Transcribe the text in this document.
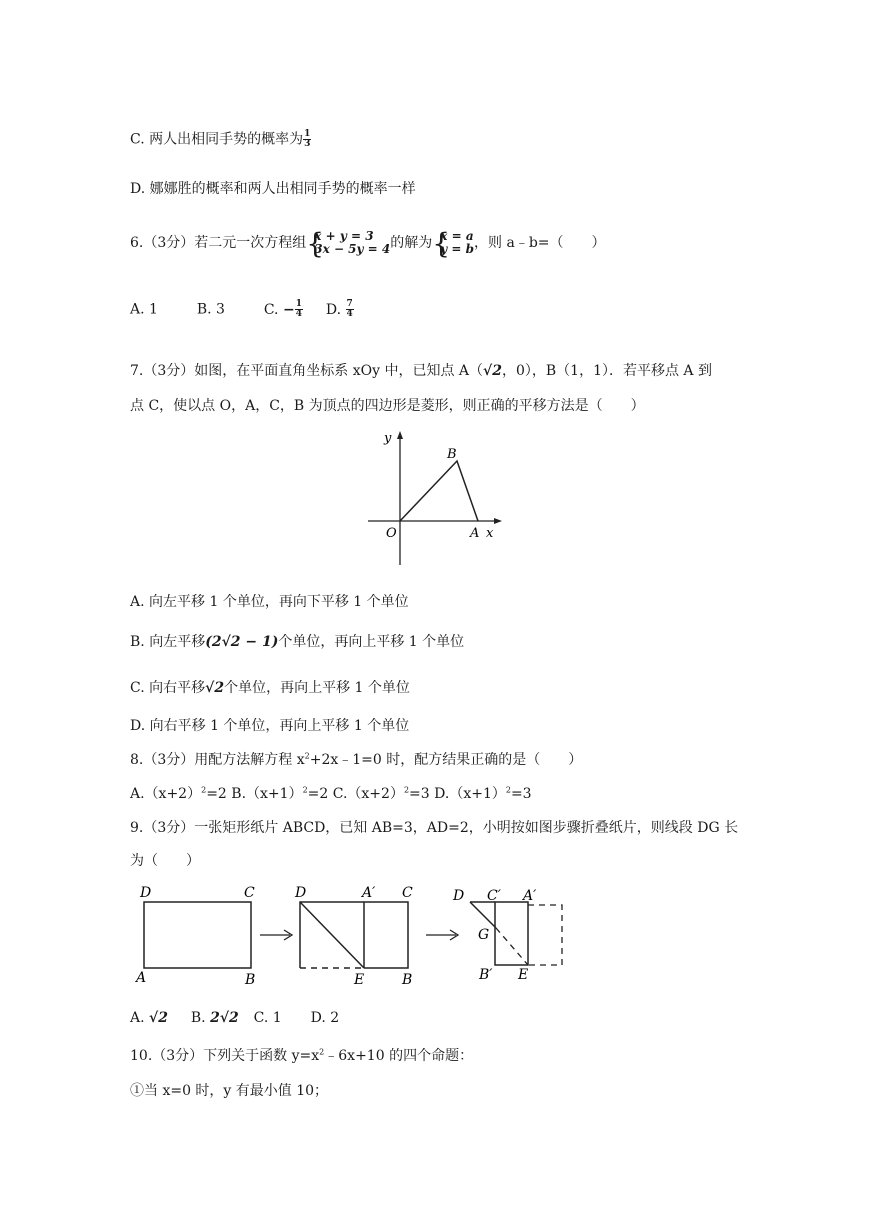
C. 两人出相同手势的概率为 $\frac{1}{3}$
D. 娜娜胜的概率和两人出相同手势的概率一样
6.（3分）若二元一次方程组 {
x + y = 3
3x − 5y = 4 的解为 {
x = a
y = b ，则 a﹣b=（　　）
A. 1	B. 3	C. − $\frac{1}{4} D$. $\frac{7}{4}$
7.（3分）如图，在平面直角坐标系 xOy 中，已知点 A（√2，0），B（1，1）．若平移点 A 到
点 C，使以点 O，A，C，B 为顶点的四边形是菱形，则正确的平移方法是（　　）
y
x
O	A
B
A. 向左平移 1 个单位，再向下平移 1 个单位
B. 向左平移(2√2 − 1)个单位，再向上平移 1 个单位
C. 向右平移√2个单位，再向上平移 1 个单位
D. 向右平移 1 个单位，再向上平移 1 个单位
8.（3分）用配方法解方程 $x^2+2x﹣1=0$ 时，配方结果正确的是（　　）
$A.(x+2)^2=2$ $B.(x+1)^2=2$ $C.(x+2)^2=3$ $D.(x+1)^2=3$
9.（3分）一张矩形纸片 ABCD，已知 AB=3，AD=2，小明按如图步骤折叠纸片，则线段 DG 长
为（　　）
D	C
A	B
D	A′ C
E	B
D C′ A′
G
B′ E
A. √2 B. 2√2 C. 1 D. 2
10.（3分）下列关于函数 $y=x^2﹣6x+10$ 的四个命题：
①当 x=0 时，y 有最小值 10；
